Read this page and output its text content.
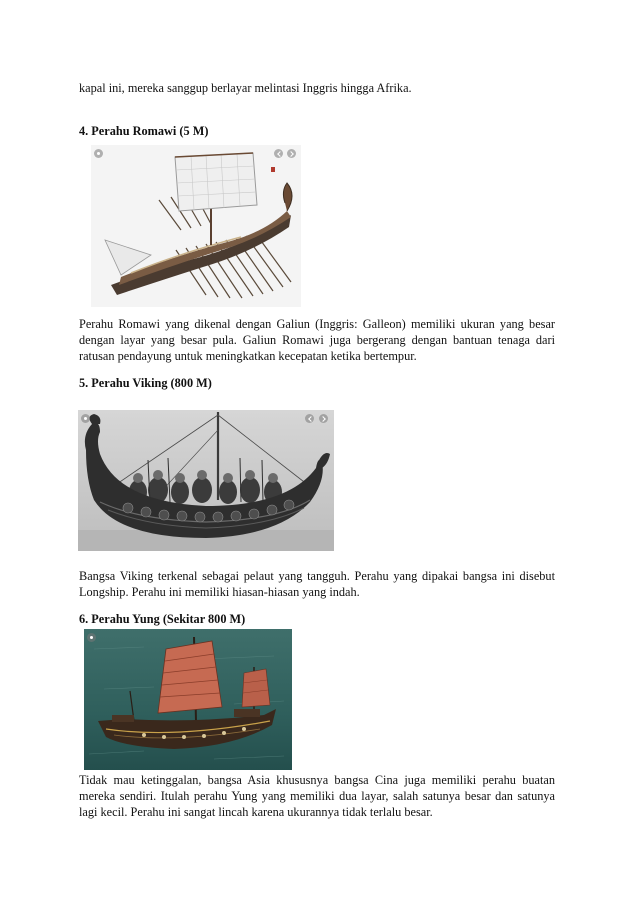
kapal ini, mereka sanggup berlayar melintasi Inggris hingga Afrika.
4. Perahu Romawi (5 M)
Perahu Romawi yang dikenal dengan Galiun (Inggris: Galleon) memiliki ukuran yang besar
dengan layar yang besar pula. Galiun Romawi juga bergerang dengan bantuan tenaga dari
ratusan pendayung untuk meningkatkan kecepatan ketika bertempur.
5. Perahu Viking (800 M)
Bangsa Viking terkenal sebagai pelaut yang tangguh. Perahu yang dipakai bangsa ini disebut
Longship. Perahu ini memiliki hiasan-hiasan yang indah.
6. Perahu Yung (Sekitar 800 M)
Tidak mau ketinggalan, bangsa Asia khususnya bangsa Cina juga memiliki perahu buatan
mereka sendiri. Itulah perahu Yung yang memiliki dua layar, salah satunya besar dan satunya
lagi kecil. Perahu ini sangat lincah karena ukurannya tidak terlalu besar.
